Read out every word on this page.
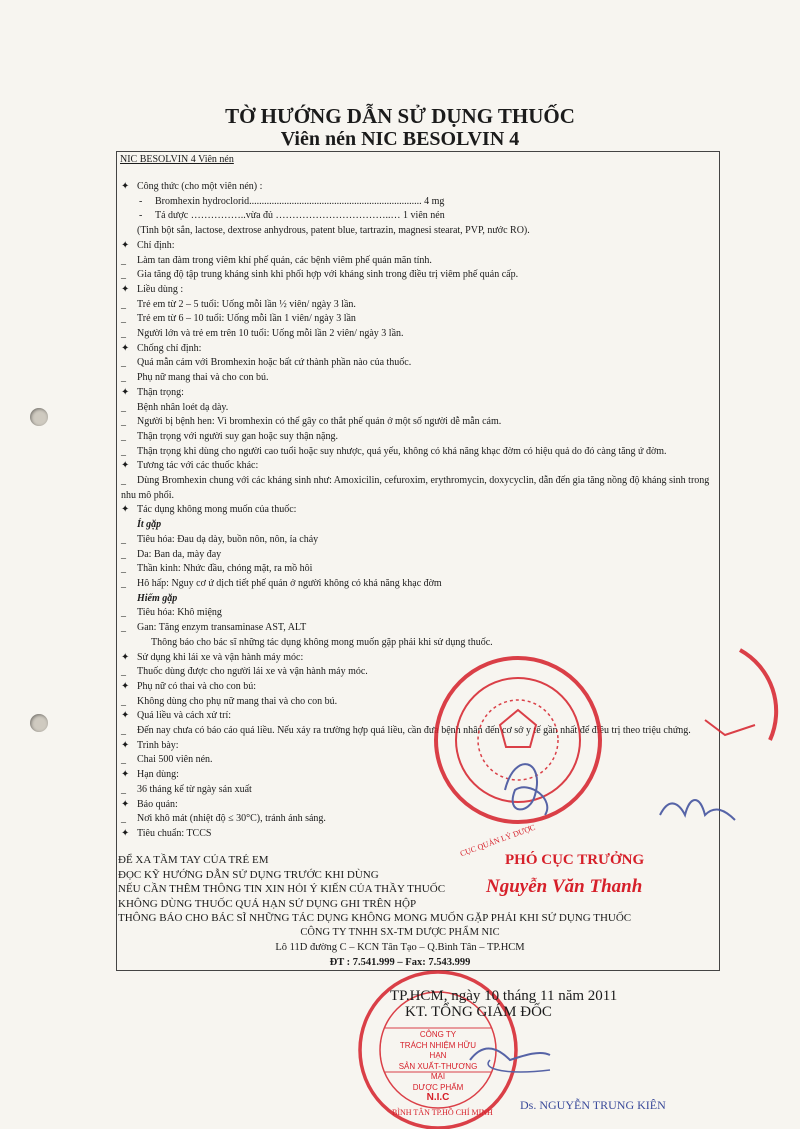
TỜ HƯỚNG DẪN SỬ DỤNG THUỐC
Viên nén NIC BESOLVIN 4
NIC BESOLVIN 4 Viên nén
✦ Công thức (cho một viên nén) :
- Bromhexin hydroclorid..................................................................... 4 mg
- Tá dược ……………..vừa đủ ……………………………..… 1 viên nén
(Tinh bột sắn, lactose, dextrose anhydrous, patent blue, tartrazin, magnesi stearat, PVP, nước RO).
✦ Chỉ định:
_ Làm tan đàm trong viêm khí phế quản, các bệnh viêm phế quản mãn tính.
_ Gia tăng độ tập trung kháng sinh khi phối hợp với kháng sinh trong điều trị viêm phế quản cấp.
✦ Liều dùng :
_ Trẻ em từ 2 – 5 tuổi: Uống mỗi lần ½ viên/ ngày 3 lần.
_ Trẻ em từ 6 – 10 tuổi: Uống mỗi lần 1 viên/ ngày 3 lần
_ Người lớn và trẻ em trên 10 tuổi: Uống mỗi lần 2 viên/ ngày 3 lần.
✦ Chống chỉ định:
_ Quá mẫn cảm với Bromhexin hoặc bất cứ thành phần nào của thuốc.
_ Phụ nữ mang thai và cho con bú.
✦ Thận trọng:
_ Bệnh nhân loét dạ dày.
_ Người bị bệnh hen: Vì bromhexin có thể gây co thắt phế quản ở một số người dễ mẫn cảm.
_ Thận trọng với người suy gan hoặc suy thận nặng.
_ Thận trọng khi dùng cho người cao tuổi hoặc suy nhược, quá yếu, không có khả năng khạc đờm có hiệu quả do đó càng tăng ứ đờm.
✦ Tương tác với các thuốc khác:
_ Dùng Bromhexin chung với các kháng sinh như: Amoxicilin, cefuroxim, erythromycin, doxycyclin, dẫn đến gia tăng nồng độ kháng sinh trong nhu mô phổi.
✦ Tác dụng không mong muốn của thuốc:
Ít gặp
_ Tiêu hóa: Đau dạ dày, buồn nôn, nôn, ỉa chảy
_ Da: Ban da, mày đay
_ Thần kinh: Nhức đầu, chóng mặt, ra mồ hôi
_ Hô hấp: Nguy cơ ứ dịch tiết phế quản ở người không có khả năng khạc đờm
Hiếm gặp
_ Tiêu hóa: Khô miệng
_ Gan: Tăng enzym transaminase AST, ALT
Thông báo cho bác sĩ những tác dụng không mong muốn gặp phải khi sử dụng thuốc.
✦ Sử dụng khi lái xe và vận hành máy móc:
_ Thuốc dùng được cho người lái xe và vận hành máy móc.
✦ Phụ nữ có thai và cho con bú:
_ Không dùng cho phụ nữ mang thai và cho con bú.
✦ Quá liều và cách xử trí:
_ Đến nay chưa có báo cáo quá liều. Nếu xảy ra trường hợp quá liều, cần đưa bệnh nhân đến cơ sở y tế gần nhất để điều trị theo triệu chứng.
✦ Trình bày:
_ Chai 500 viên nén.
✦ Hạn dùng:
_ 36 tháng kể từ ngày sản xuất
✦ Bảo quản:
_ Nơi khô mát (nhiệt độ ≤ 30°C), tránh ánh sáng.
✦ Tiêu chuẩn: TCCS
ĐỂ XA TẦM TAY CỦA TRẺ EM
ĐỌC KỸ HƯỚNG DẪN SỬ DỤNG TRƯỚC KHI DÙNG
NẾU CẦN THÊM THÔNG TIN XIN HỎI Ý KIẾN CỦA THẦY THUỐC
KHÔNG DÙNG THUỐC QUÁ HẠN SỬ DỤNG GHI TRÊN HỘP
THÔNG BÁO CHO BÁC SĨ NHỮNG TÁC DỤNG KHÔNG MONG MUỐN GẶP PHẢI KHI SỬ DỤNG THUỐC
CÔNG TY TNHH SX-TM DƯỢC PHẨM NIC
Lô 11D đường C – KCN Tân Tạo – Q.Bình Tân – TP.HCM
ĐT : 7.541.999 – Fax: 7.543.999
PHÓ CỤC TRƯỞNG
Nguyễn Văn Thanh
CỤC QUẢN LÝ DƯỢC
TP.HCM, ngày 10 tháng 11 năm 2011
KT. TỔNG GIÁM ĐỐC
CÔNG TY
TRÁCH NHIỆM HỮU HẠN
SẢN XUẤT-THƯƠNG MẠI
DƯỢC PHẨM
N.I.C
BÌNH TÂN TP.HỒ CHÍ MINH
Ds. NGUYỄN TRUNG KIÊN
